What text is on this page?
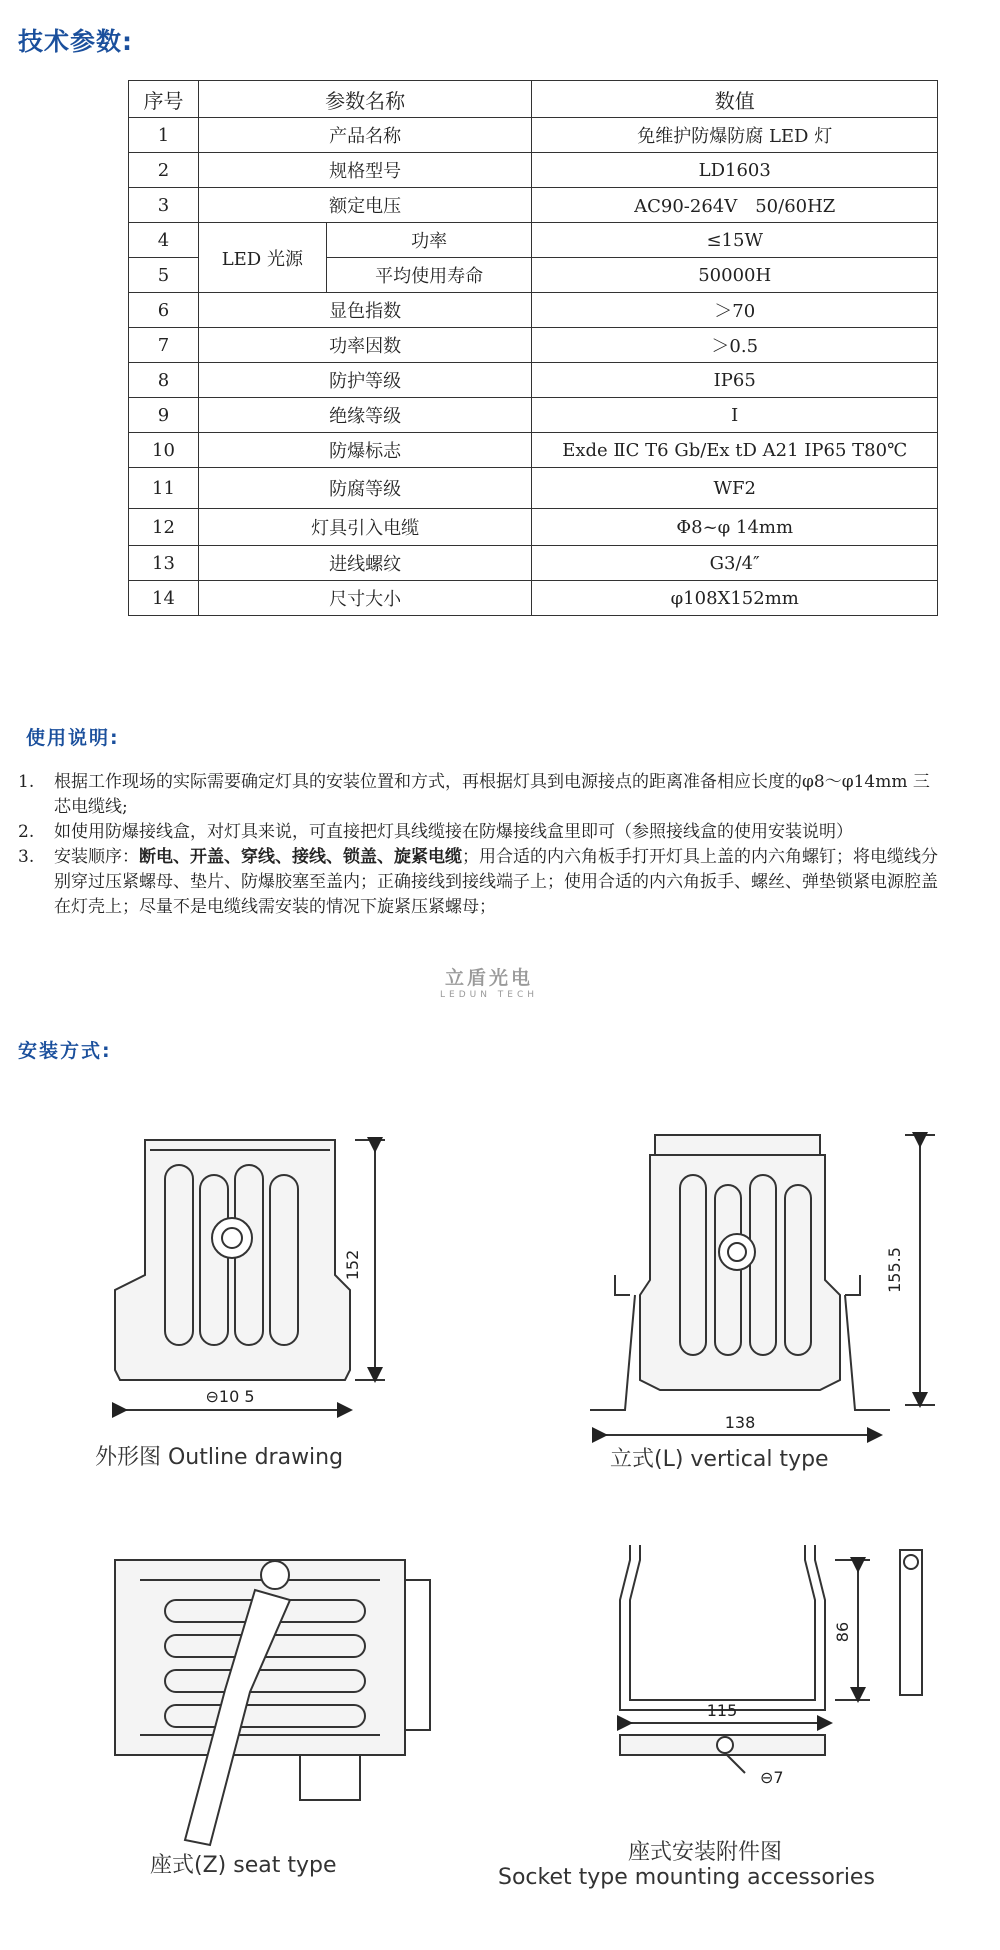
技术参数:
序号	参数名称		数值
1	产品名称		免维护防爆防腐 LED 灯
2	规格型号		LD1603
3	额定电压		AC90-264V　50/60HZ
4	LED 光源	功率	≤15W
5		平均使用寿命	50000H
6	显色指数		＞70
7	功率因数		＞0.5
8	防护等级		IP65
9	绝缘等级		Ⅰ
10	防爆标志		Exde ⅡC T6 Gb/Ex tD A21 IP65 T80℃
11	防腐等级		WF2
12	灯具引入电缆		Φ8~φ 14mm
13	进线螺纹		G3/4″
14	尺寸大小		φ108X152mm
使用说明:

1. 根据工作现场的实际需要确定灯具的安装位置和方式，再根据灯具到电源接点的距离准备相应长度的φ8～φ14mm 三芯电缆线;

2. 如使用防爆接线盒，对灯具来说，可直接把灯具线缆接在防爆接线盒里即可（参照接线盒的使用安装说明）

3. 安装顺序：断电、开盖、穿线、接线、锁盖、旋紧电缆；用合适的内六角板手打开灯具上盖的内六角螺钉；将电缆线分别穿过压紧螺母、垫片、防爆胶塞至盖内；正确接线到接线端子上；使用合适的内六角扳手、螺丝、弹垫锁紧电源腔盖在灯壳上；尽量不是电缆线需安装的情况下旋紧压紧螺母；

立盾光电
LEDUN TECH
安装方式:
152
⊖10 5
155.5
138
86
115
⊖7
外形图 Outline drawing	立式(L) vertical type
座式(Z) seat type
座式安装附件图
Socket type mounting accessories
